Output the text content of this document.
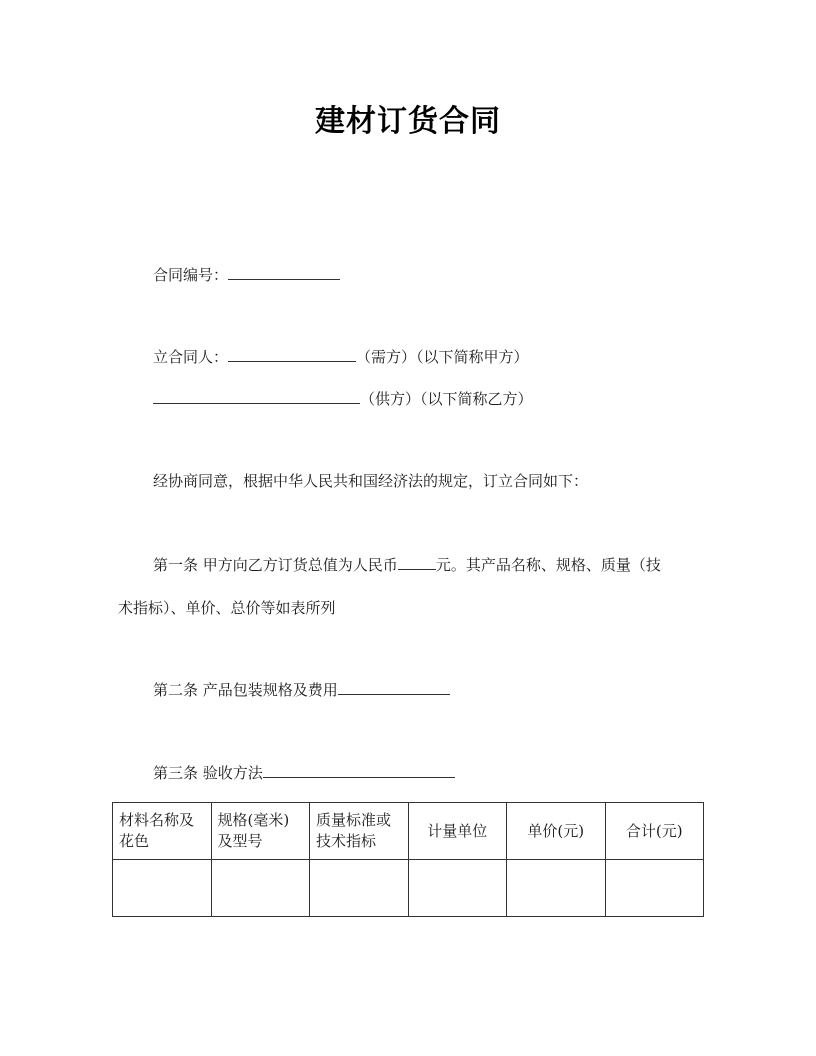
建材订货合同
合同编号：
立合同人：	（需方）（以下简称甲方）
（供方）（以下简称乙方）
经协商同意，根据中华人民共和国经济法的规定，订立合同如下：
第一条 甲方向乙方订货总值为人民币	元。其产品名称、规格、质量（技
术指标）、单价、总价等如表所列
第二条 产品包装规格及费用
第三条 验收方法
材料名称及花色	规格(毫米)及型号	质量标准或技术指标	计量单位	单价(元)	合计(元)
